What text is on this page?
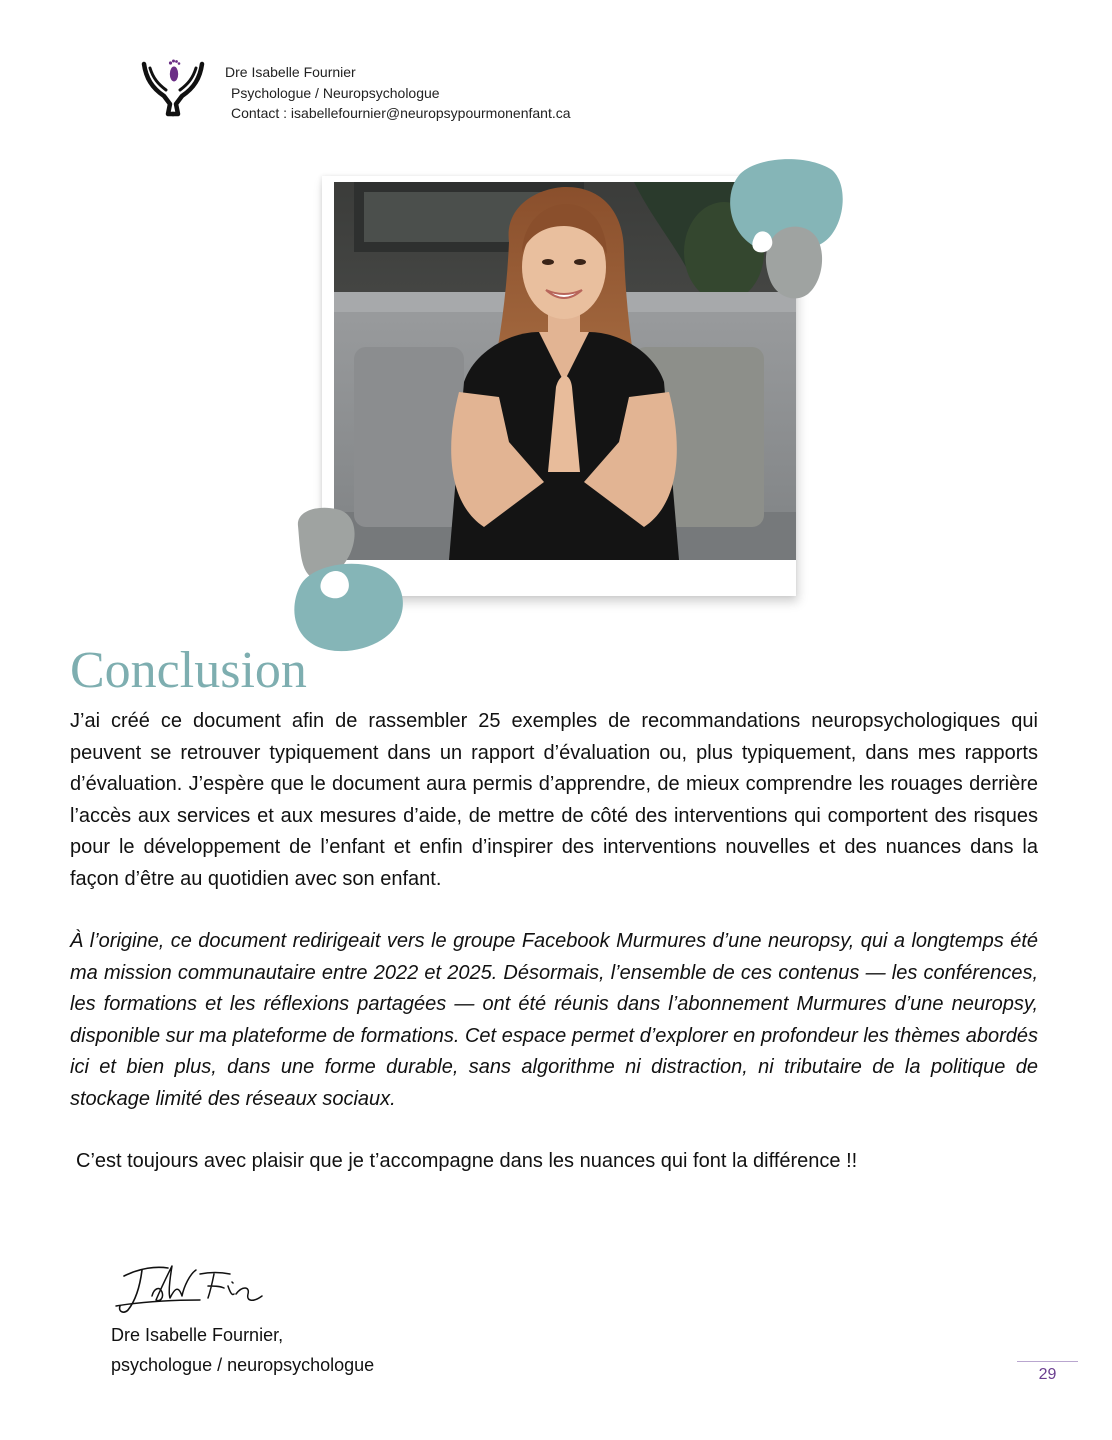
Dre Isabelle Fournier
Psychologue / Neuropsychologue
Contact : isabellefournier@neuropsypourmonenfant.ca
Conclusion

J’ai créé ce document afin de rassembler 25 exemples de recommandations neuropsychologiques qui peuvent se retrouver typiquement dans un rapport d’évaluation ou, plus typiquement, dans mes rapports d’évaluation. J’espère que le document aura permis d’apprendre, de mieux comprendre les rouages derrière l’accès aux services et aux mesures d’aide, de mettre de côté des interventions qui comportent des risques pour le développement de l’enfant et enfin d’inspirer des interventions nouvelles et des nuances dans la façon d’être au quotidien avec son enfant.

À l’origine, ce document redirigeait vers le groupe Facebook Murmures d’une neuropsy, qui a longtemps été ma mission communautaire entre 2022 et 2025. Désormais, l’ensemble de ces contenus — les conférences, les formations et les réflexions partagées — ont été réunis dans l’abonnement Murmures d’une neuropsy, disponible sur ma plateforme de formations. Cet espace permet d’explorer en profondeur les thèmes abordés ici et bien plus, dans une forme durable, sans algorithme ni distraction, ni tributaire de la politique de stockage limité des réseaux sociaux.

C’est toujours avec plaisir que je t’accompagne dans les nuances qui font la différence !!

Dre Isabelle Fournier,
psychologue / neuropsychologue	29
